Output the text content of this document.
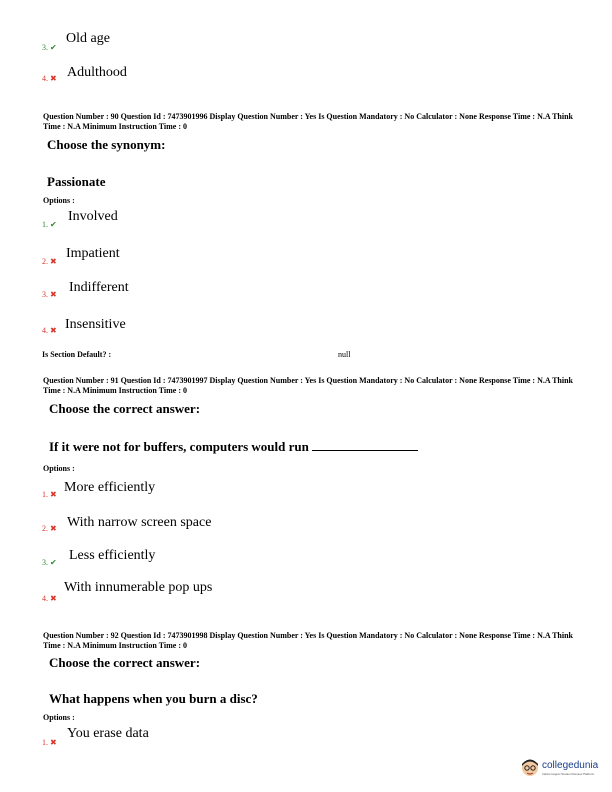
3. ✔
Old age
4. ✖ Adulthood
Question Number : 90 Question Id : 7473901996 Display Question Number : Yes Is Question Mandatory : No Calculator : None Response Time : N.A Think Time : N.A Minimum Instruction Time : 0
Choose the synonym:
Passionate
Options :
1. ✔
Involved
2. ✖
Impatient
3. ✖ Indifferent
4. ✖ Insensitive
Is Section Default? :	null
Question Number : 91 Question Id : 7473901997 Display Question Number : Yes Is Question Mandatory : No Calculator : None Response Time : N.A Think Time : N.A Minimum Instruction Time : 0
Choose the correct answer:
If it were not for buffers, computers would run
Options :
1. ✖ More efficiently
2. ✖ With narrow screen space
3. ✔ Less efficiently
4. ✖
With innumerable pop ups
Question Number : 92 Question Id : 7473901998 Display Question Number : Yes Is Question Mandatory : No Calculator : None Response Time : N.A Think Time : N.A Minimum Instruction Time : 0
Choose the correct answer:
What happens when you burn a disc?
Options :
1. ✖
You erase data
collegedunia
India's largest Student Review Platform
